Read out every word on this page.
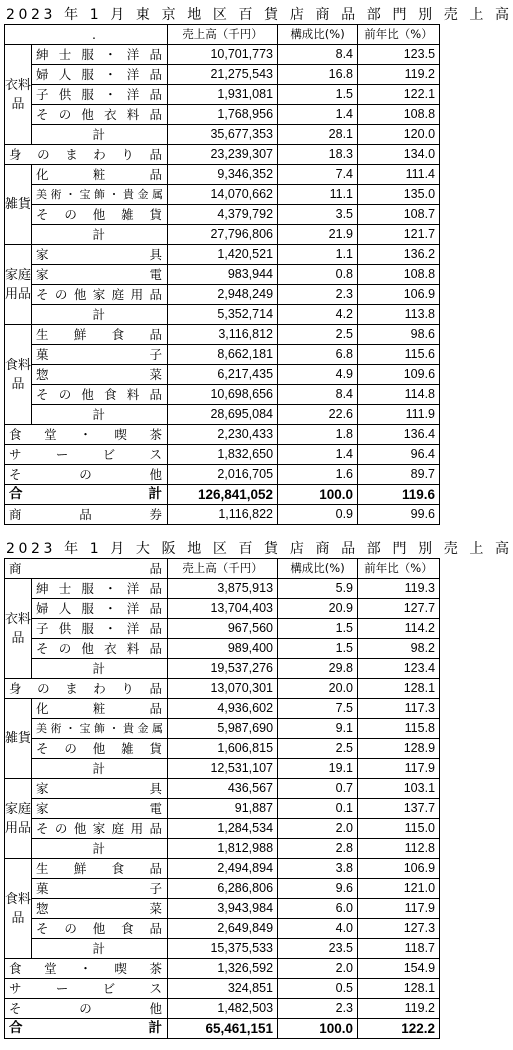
2023 年 1 月 東 京 地 区 百 貨 店 商 品 部 門 別 売 上 高
.		売上高（千円）	構成比(%)	前年比（%）
衣料品	紳 士 服 ・ 洋 品	10,701,773	8.4	123.5
	婦 人 服 ・ 洋 品	21,275,543	16.8	119.2
	子 供 服 ・ 洋 品	1,931,081	1.5	122.1
	そ の 他 衣 料 品	1,768,956	1.4	108.8
	計	35,677,353	28.1	120.0
身 の ま わ り 品		23,239,307	18.3	134.0
雑貨	化 粧 品	9,346,352	7.4	111.4
	美術・宝飾・貴金属	14,070,662	11.1	135.0
	そ の 他 雑 貨	4,379,792	3.5	108.7
	計	27,796,806	21.9	121.7
家庭用品	家 具	1,420,521	1.1	136.2
	家 電	983,944	0.8	108.8
	その他家庭用品	2,948,249	2.3	106.9
	計	5,352,714	4.2	113.8
食料品	生 鮮 食 品	3,116,812	2.5	98.6
	菓 子	8,662,181	6.8	115.6
	惣 菜	6,217,435	4.9	109.6
	そ の 他 食 料 品	10,698,656	8.4	114.8
	計	28,695,084	22.6	111.9
食 堂 ・ 喫 茶		2,230,433	1.8	136.4
サ ー ビ ス		1,832,650	1.4	96.4
そ の 他		2,016,705	1.6	89.7
合 計		126,841,052	100.0	119.6
商 品 券		1,116,822	0.9	99.6
2023 年 1 月 大 阪 地 区 百 貨 店 商 品 部 門 別 売 上 高
商 品		売上高（千円）	構成比(%)	前年比（%）
衣料品	紳 士 服 ・ 洋 品	3,875,913	5.9	119.3
	婦 人 服 ・ 洋 品	13,704,403	20.9	127.7
	子 供 服 ・ 洋 品	967,560	1.5	114.2
	そ の 他 衣 料 品	989,400	1.5	98.2
	計	19,537,276	29.8	123.4
身 の ま わ り 品		13,070,301	20.0	128.1
雑貨	化 粧 品	4,936,602	7.5	117.3
	美術・宝飾・貴金属	5,987,690	9.1	115.8
	そ の 他 雑 貨	1,606,815	2.5	128.9
	計	12,531,107	19.1	117.9
家庭用品	家 具	436,567	0.7	103.1
	家 電	91,887	0.1	137.7
	その他家庭用品	1,284,534	2.0	115.0
	計	1,812,988	2.8	112.8
食料品	生 鮮 食 品	2,494,894	3.8	106.9
	菓 子	6,286,806	9.6	121.0
	惣 菜	3,943,984	6.0	117.9
	そ の 他 食 品	2,649,849	4.0	127.3
	計	15,375,533	23.5	118.7
食 堂 ・ 喫 茶		1,326,592	2.0	154.9
サ ー ビ ス		324,851	0.5	128.1
そ の 他		1,482,503	2.3	119.2
合 計		65,461,151	100.0	122.2
